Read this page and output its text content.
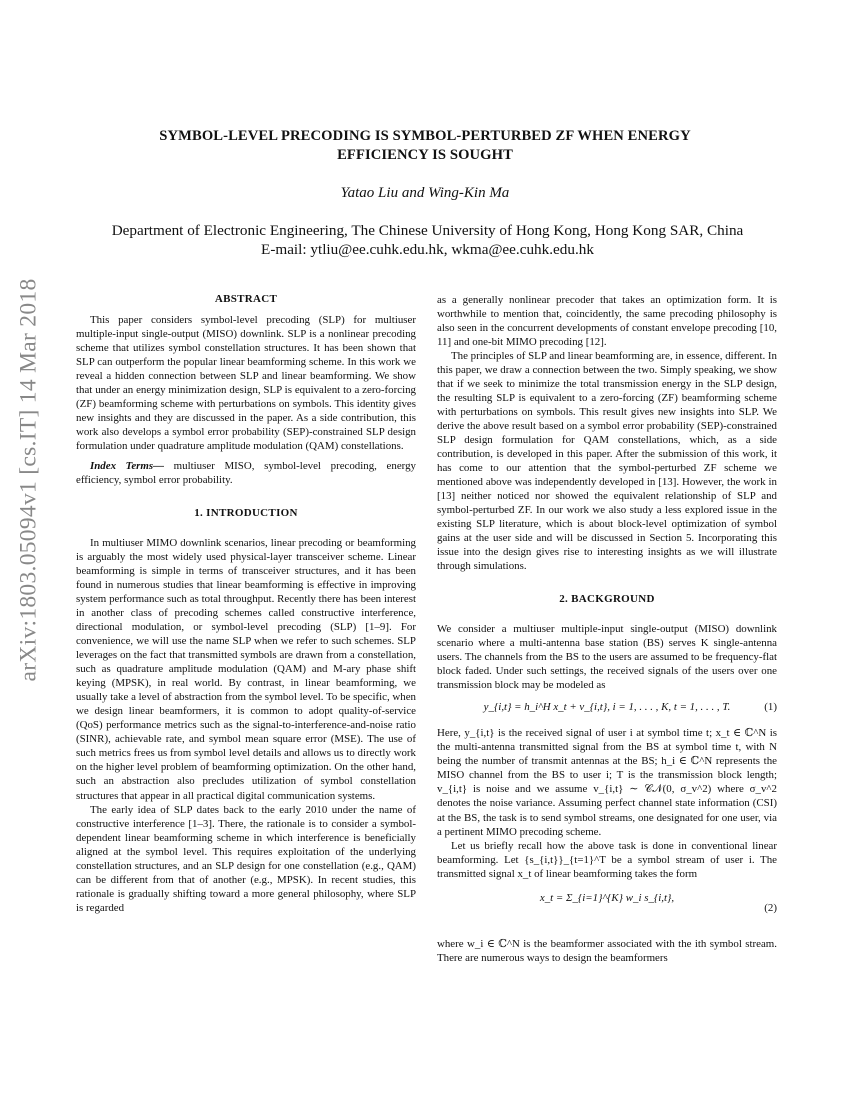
arXiv:1803.05094v1 [cs.IT] 14 Mar 2018
SYMBOL-LEVEL PRECODING IS SYMBOL-PERTURBED ZF WHEN ENERGY
EFFICIENCY IS SOUGHT
Yatao Liu and Wing-Kin Ma
Department of Electronic Engineering, The Chinese University of Hong Kong, Hong Kong SAR, China
E-mail: ytliu@ee.cuhk.edu.hk, wkma@ee.cuhk.edu.hk
ABSTRACT

This paper considers symbol-level precoding (SLP) for multiuser multiple-input single-output (MISO) downlink. SLP is a nonlinear precoding scheme that utilizes symbol constellation structures. It has been shown that SLP can outperform the popular linear beamforming scheme. In this work we reveal a hidden connection between SLP and linear beamforming. We show that under an energy minimization design, SLP is equivalent to a zero-forcing (ZF) beamforming scheme with perturbations on symbols. This identity gives new insights and they are discussed in the paper. As a side contribution, this work also develops a symbol error probability (SEP)-constrained SLP design formulation under quadrature amplitude modulation (QAM) constellations.

Index Terms— multiuser MISO, symbol-level precoding, energy efficiency, symbol error probability.

1. INTRODUCTION

In multiuser MIMO downlink scenarios, linear precoding or beamforming is arguably the most widely used physical-layer transceiver scheme. Linear beamforming is simple in terms of transceiver structures, and it has been found in numerous studies that linear beamforming is effective in improving system performance such as total throughput. Recently there has been interest in another class of precoding schemes called constructive interference, directional modulation, or symbol-level precoding (SLP) [1–9]. For convenience, we will use the name SLP when we refer to such schemes. SLP leverages on the fact that transmitted symbols are drawn from a constellation, such as quadrature amplitude modulation (QAM) and M-ary phase shift keying (MPSK), in real world. By contrast, in linear beamforming, we usually take a level of abstraction from the symbol level. To be specific, when we design linear beamformers, it is common to adopt quality-of-service (QoS) performance metrics such as the signal-to-interference-and-noise ratio (SINR), achievable rate, and symbol mean square error (MSE). The use of such metrics frees us from symbol level details and allows us to directly work on the higher level problem of beamforming optimization. On the other hand, such an abstraction also precludes utilization of symbol constellation structures that appear in all practical digital communication systems.

The early idea of SLP dates back to the early 2010 under the name of constructive interference [1–3]. There, the rationale is to consider a symbol-dependent linear beamforming scheme in which interference is beneficially aligned at the symbol level. This requires exploitation of the underlying constellation structures, and an SLP design for one constellation (e.g., QAM) can be different from that of another (e.g., MPSK). In recent studies, this rationale is gradually shifting toward a more general philosophy, where SLP is regarded

as a generally nonlinear precoder that takes an optimization form. It is worthwhile to mention that, coincidently, the same precoding philosophy is also seen in the concurrent developments of constant envelope precoding [10, 11] and one-bit MIMO precoding [12].

The principles of SLP and linear beamforming are, in essence, different. In this paper, we draw a connection between the two. Simply speaking, we show that if we seek to minimize the total transmission energy in the SLP design, the resulting SLP is equivalent to a zero-forcing (ZF) beamforming scheme with perturbations on symbols. This result gives new insights into SLP. We derive the above result based on a symbol error probability (SEP)-constrained SLP design formulation for QAM constellations, which, as a side contribution, is developed in this paper. After the submission of this work, it has come to our attention that the symbol-perturbed ZF scheme we mentioned above was independently developed in [13]. However, the work in [13] neither noticed nor showed the equivalent relationship of SLP and symbol-perturbed ZF. In our work we also study a less explored issue in the existing SLP literature, which is about block-level optimization of symbol gains at the user side and will be discussed in Section 5. Incorporating this issue into the design gives rise to interesting insights as we will illustrate through simulations.

2. BACKGROUND

We consider a multiuser multiple-input single-output (MISO) downlink scenario where a multi-antenna base station (BS) serves K single-antenna users. The channels from the BS to the users are assumed to be frequency-flat block faded. Under such settings, the received signals of the users over one transmission block may be modeled as

y_{i,t} = h_i^H x_t + v_{i,t}, i = 1, . . . , K, t = 1, . . . , T.	(1)

Here, y_{i,t} is the received signal of user i at symbol time t; x_t ∈ ℂ^N is the multi-antenna transmitted signal from the BS at symbol time t, with N being the number of transmit antennas at the BS; h_i ∈ ℂ^N represents the MISO channel from the BS to user i; T is the transmission block length; v_{i,t} is noise and we assume v_{i,t} ∼ 𝒞𝒩(0, σ_v^2) where σ_v^2 denotes the noise variance. Assuming perfect channel state information (CSI) at the BS, the task is to send symbol streams, one designated for one user, via a pertinent MIMO precoding scheme.

Let us briefly recall how the above task is done in conventional linear beamforming. Let {s_{i,t}}_{t=1}^T be a symbol stream of user i. The transmitted signal x_t of linear beamforming takes the form

x_t = Σ_{i=1}^{K} w_i s_{i,t},
(2)

where w_i ∈ ℂ^N is the beamformer associated with the ith symbol stream. There are numerous ways to design the beamformers
